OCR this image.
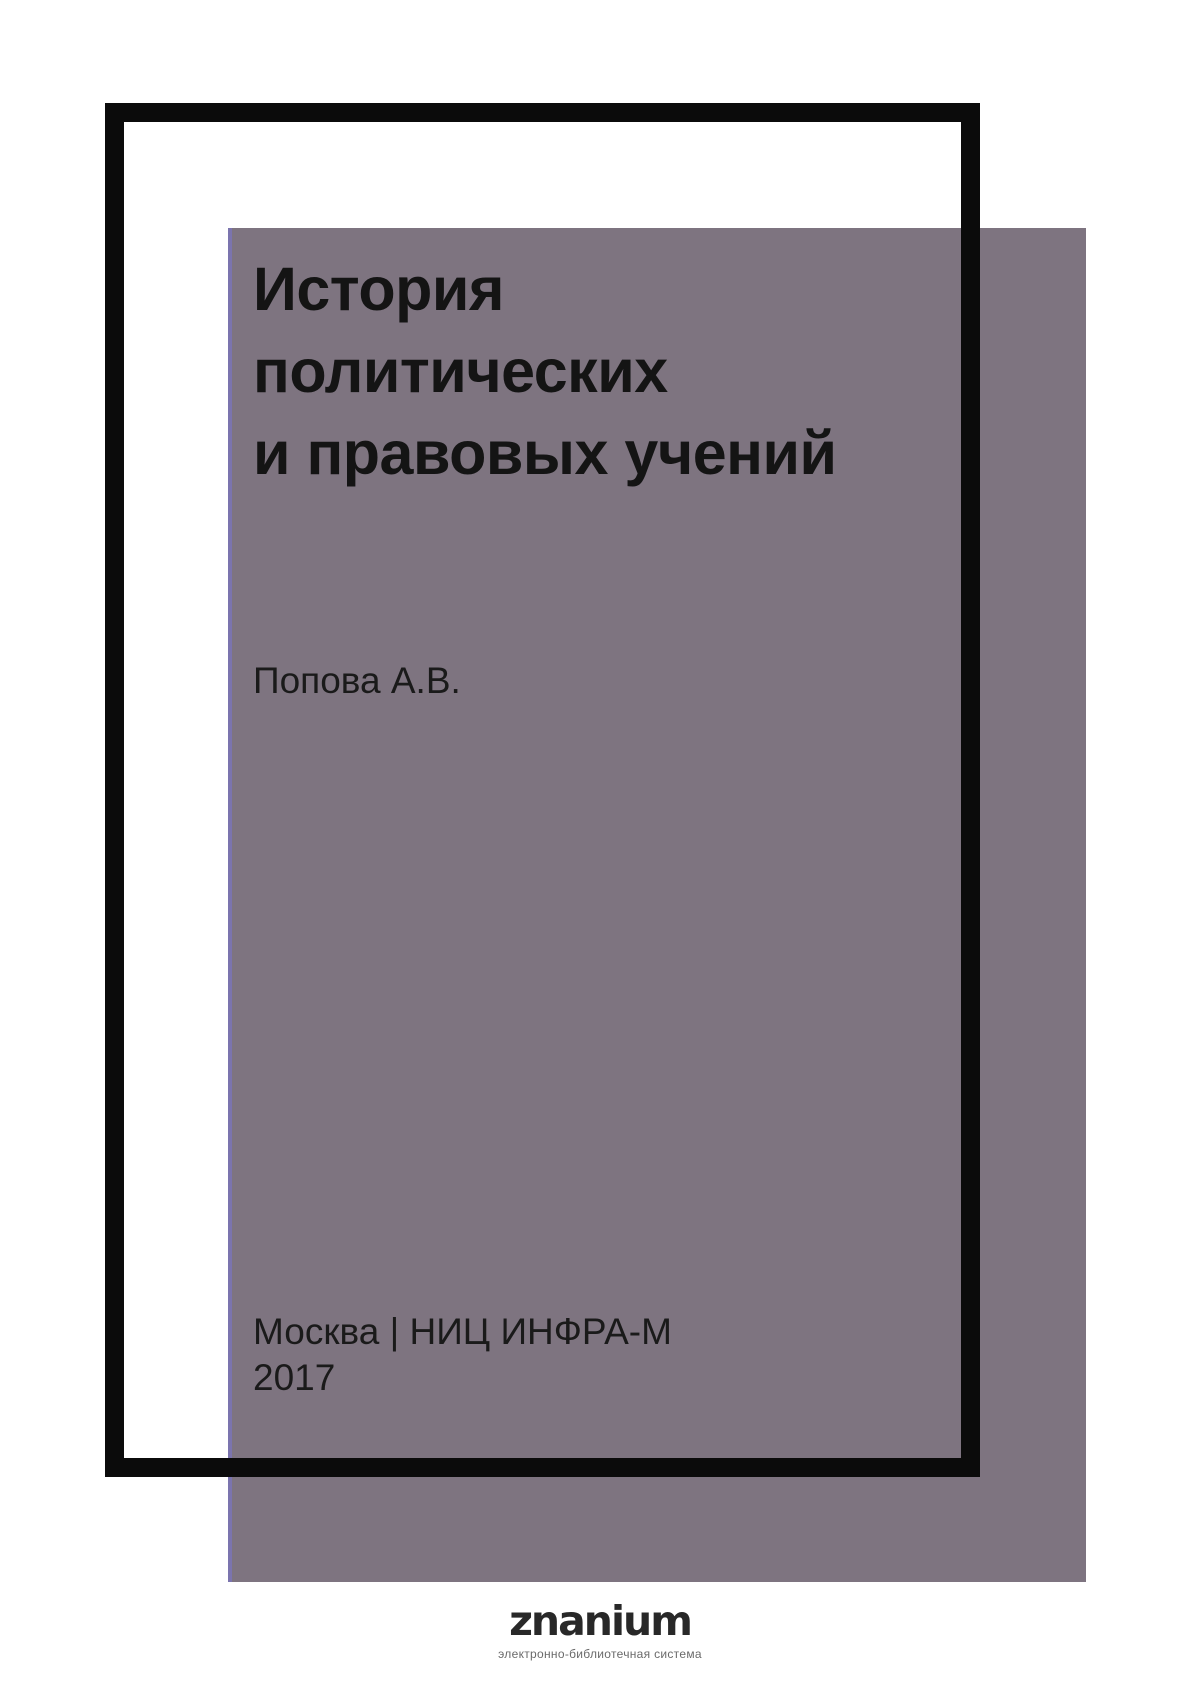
История
политических
и правовых учений
Попова А.В.
Москва | НИЦ ИНФРА-М
2017
znanium
электронно-библиотечная система
